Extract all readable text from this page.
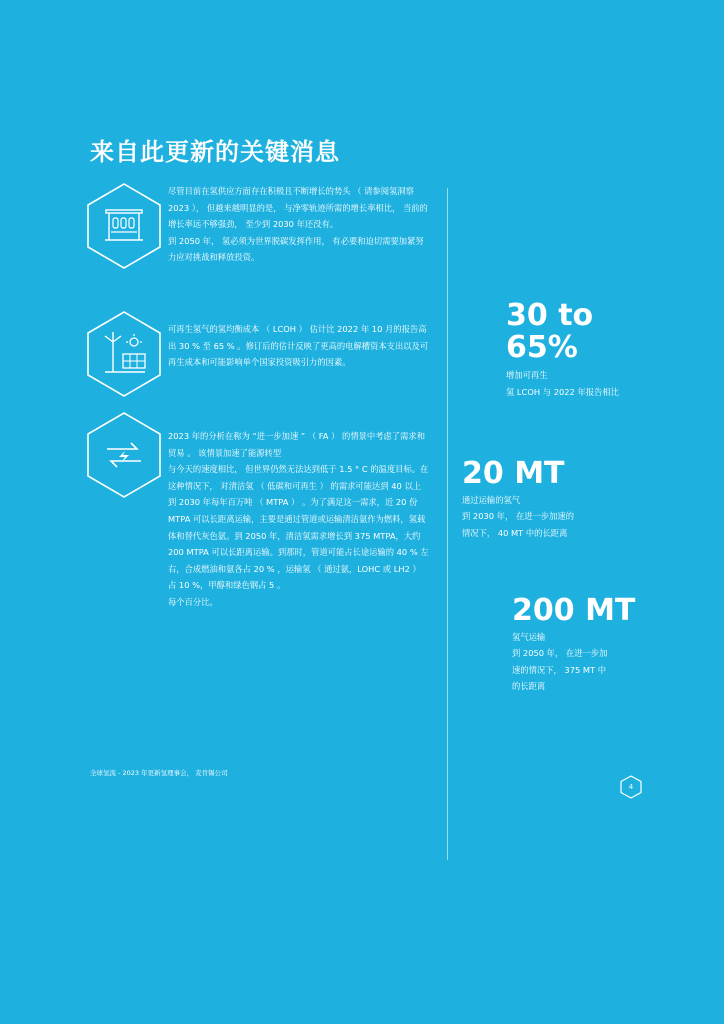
来自此更新的关键消息

尽管目前在氢供应方面存在积极且不断增长的势头 （ 请参阅氢洞察 2023 ）， 但越来越明显的是， 与净零轨迹所需的增长率相比， 当前的增长率远不够强劲， 至少到 2030 年还没有。

到 2050 年， 氢必须为世界脱碳发挥作用， 有必要和迫切需要加紧努力应对挑战和释放投资。

可再生氢气的氢均衡成本 （ LCOH ） 估计比 2022 年 10 月的报告高出 30 % 至 65 % 。修订后的估计反映了更高的电解槽资本支出以及可再生成本和可能影响单个国家投资吸引力的因素。

2023 年的分析在称为 “进一步加速 ” （ FA ） 的情景中考虑了需求和贸易 。 该情景加速了能源转型

与今天的速度相比， 但世界仍然无法达到低于 1.5 ° C 的温度目标。在这种情况下， 对清洁氢 （ 低碳和可再生 ） 的需求可能达到 40 以上

到 2030 年每年百万吨 （ MTPA ） 。为了满足这一需求，近 20 份 MTPA 可以长距离运输，主要是通过管道或运输清洁氨作为燃料，氢载体和替代灰色氨。到 2050 年，清洁氢需求增长到 375 MTPA，大约 200 MTPA 可以长距离运输。到那时，管道可能占长途运输的 40 % 左右，合成燃油和氨各占 20 % ，运输氢 （ 通过氨，LOHC 或 LH2 ） 占 10 %，甲醇和绿色钢占 5 。

每个百分比。

30 to 65%
增加可再生
氢 LCOH 与 2022 年报告相比
20 MT
通过运输的氢气
到 2030 年， 在进一步加速的
情况下， 40 MT 中的长距离
200 MT
氢气运输
到 2050 年， 在进一步加
速的情况下， 375 MT 中
的长距离
全球氢流 - 2023 年更新氢理事会， 麦肯锡公司
4
